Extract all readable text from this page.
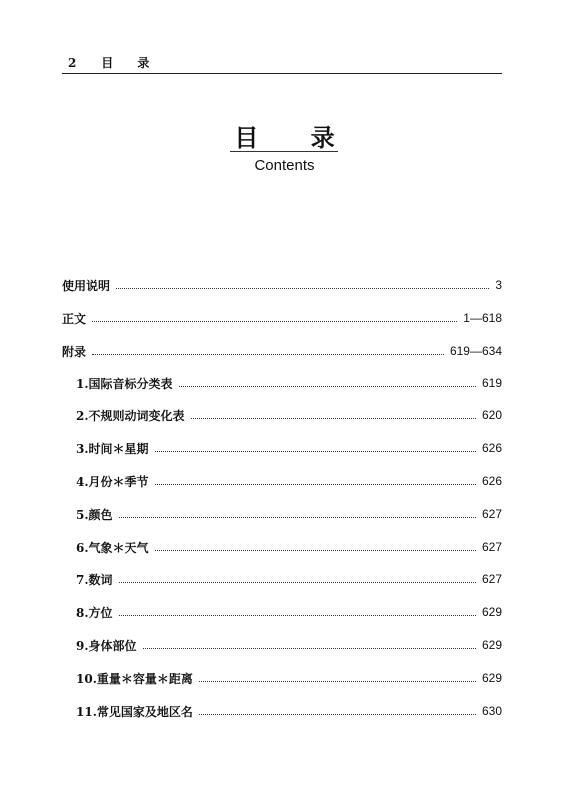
2 目 录
目 录
Contents
使用说明	3
正文	1—618
附录	619—634
1.国际音标分类表	619
2.不规则动词变化表	620
3.时间＊星期	626
4.月份＊季节	626
5.颜色	627
6.气象＊天气	627
7.数词	627
8.方位	629
9.身体部位	629
10.重量＊容量＊距离	629
11.常见国家及地区名	630
